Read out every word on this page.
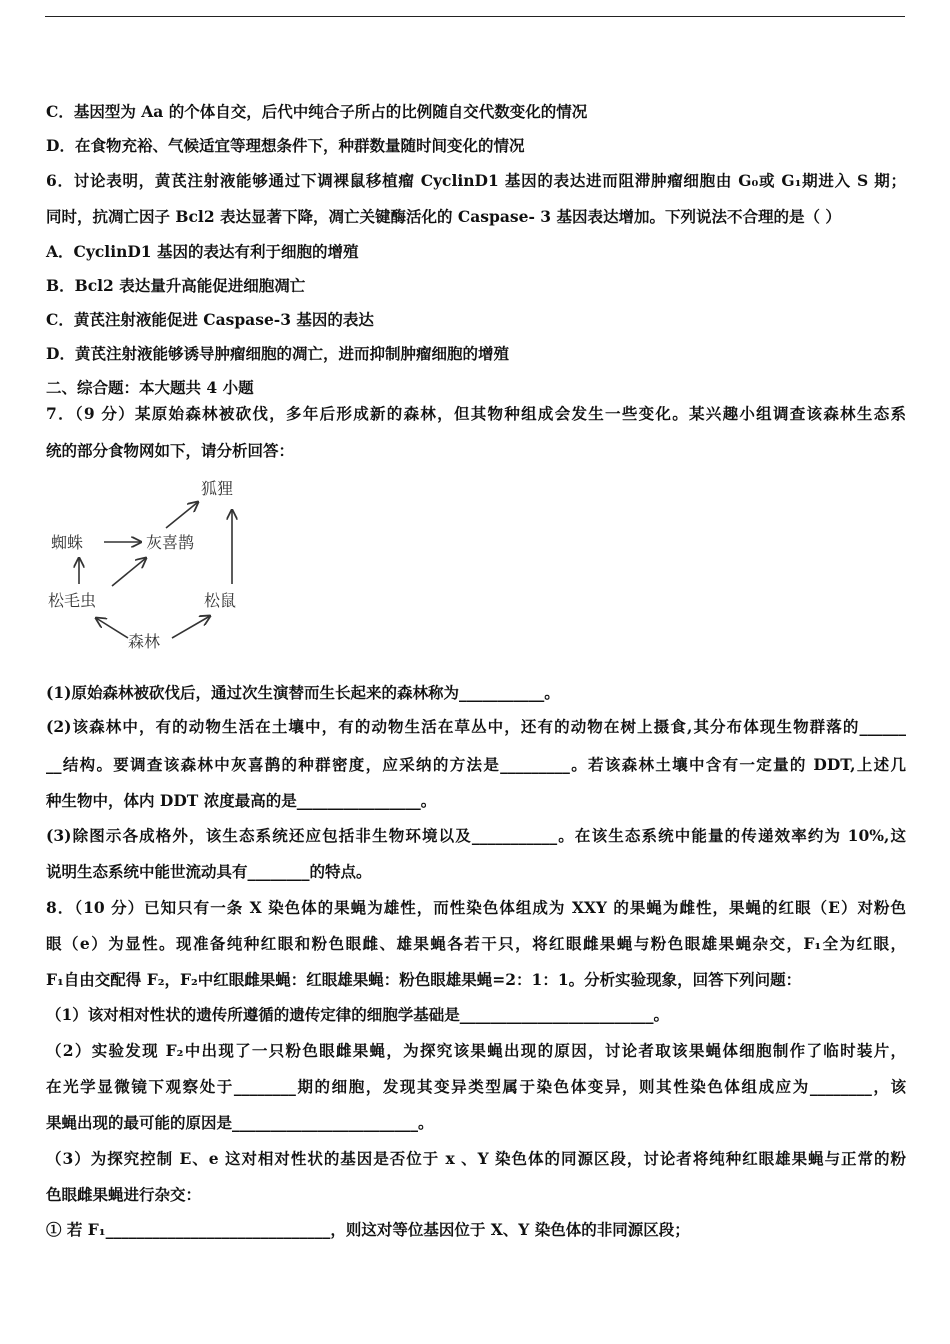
C．基因型为 Aa 的个体自交，后代中纯合子所占的比例随自交代数变化的情况
D．在食物充裕、气候适宜等理想条件下，种群数量随时间变化的情况
6．讨论表明，黄芪注射液能够通过下调裸鼠移植瘤 CyclinD1 基因的表达进而阻滞肿瘤细胞由 G₀或 G₁期进入 S 期；
同时，抗凋亡因子 Bcl2 表达显著下降，凋亡关键酶活化的 Caspase- 3 基因表达增加。下列说法不合理的是（ ）
A．CyclinD1 基因的表达有利于细胞的增殖
B．Bcl2 表达量升高能促进细胞凋亡
C．黄芪注射液能促进 Caspase-3 基因的表达
D．黄芪注射液能够诱导肿瘤细胞的凋亡，进而抑制肿瘤细胞的增殖
二、综合题：本大题共 4 小题
7．（9 分）某原始森林被砍伐，多年后形成新的森林，但其物种组成会发生一些变化。某兴趣小组调查该森林生态系
统的部分食物网如下，请分析回答：
狐狸
蜘蛛	灰喜鹊
松毛虫	松鼠
森林
(1)原始森林被砍伐后，通过次生演替而生长起来的森林称为___________。
(2)该森林中，有的动物生活在土壤中，有的动物生活在草丛中，还有的动物在树上摄食,其分布体现生物群落的______
__结构。要调查该森林中灰喜鹊的种群密度，应采纳的方法是_________。若该森林土壤中含有一定量的 DDT,上述几
种生物中，体内 DDT 浓度最高的是________________。
(3)除图示各成格外，该生态系统还应包括非生物环境以及___________。在该生态系统中能量的传递效率约为 10%,这
说明生态系统中能世流动具有________的特点。
8．（10 分）已知只有一条 X 染色体的果蝇为雄性，而性染色体组成为 XXY 的果蝇为雌性，果蝇的红眼（E）对粉色
眼（e）为显性。现准备纯种红眼和粉色眼雌、雄果蝇各若干只，将红眼雌果蝇与粉色眼雄果蝇杂交，F₁全为红眼，
F₁自由交配得 F₂，F₂中红眼雌果蝇：红眼雄果蝇：粉色眼雄果蝇=2：1：1。分析实验现象，回答下列问题：
（1）该对相对性状的遗传所遵循的遗传定律的细胞学基础是_________________________。
（2）实验发现 F₂中出现了一只粉色眼雌果蝇，为探究该果蝇出现的原因，讨论者取该果蝇体细胞制作了临时装片，
在光学显微镜下观察处于________期的细胞，发现其变异类型属于染色体变异，则其性染色体组成应为________，该
果蝇出现的最可能的原因是________________________。
（3）为探究控制 E、e 这对相对性状的基因是否位于 x 、Y 染色体的同源区段，讨论者将纯种红眼雄果蝇与正常的粉
色眼雌果蝇进行杂交：
① 若 F₁_____________________________，则这对等位基因位于 X、Y 染色体的非同源区段；
